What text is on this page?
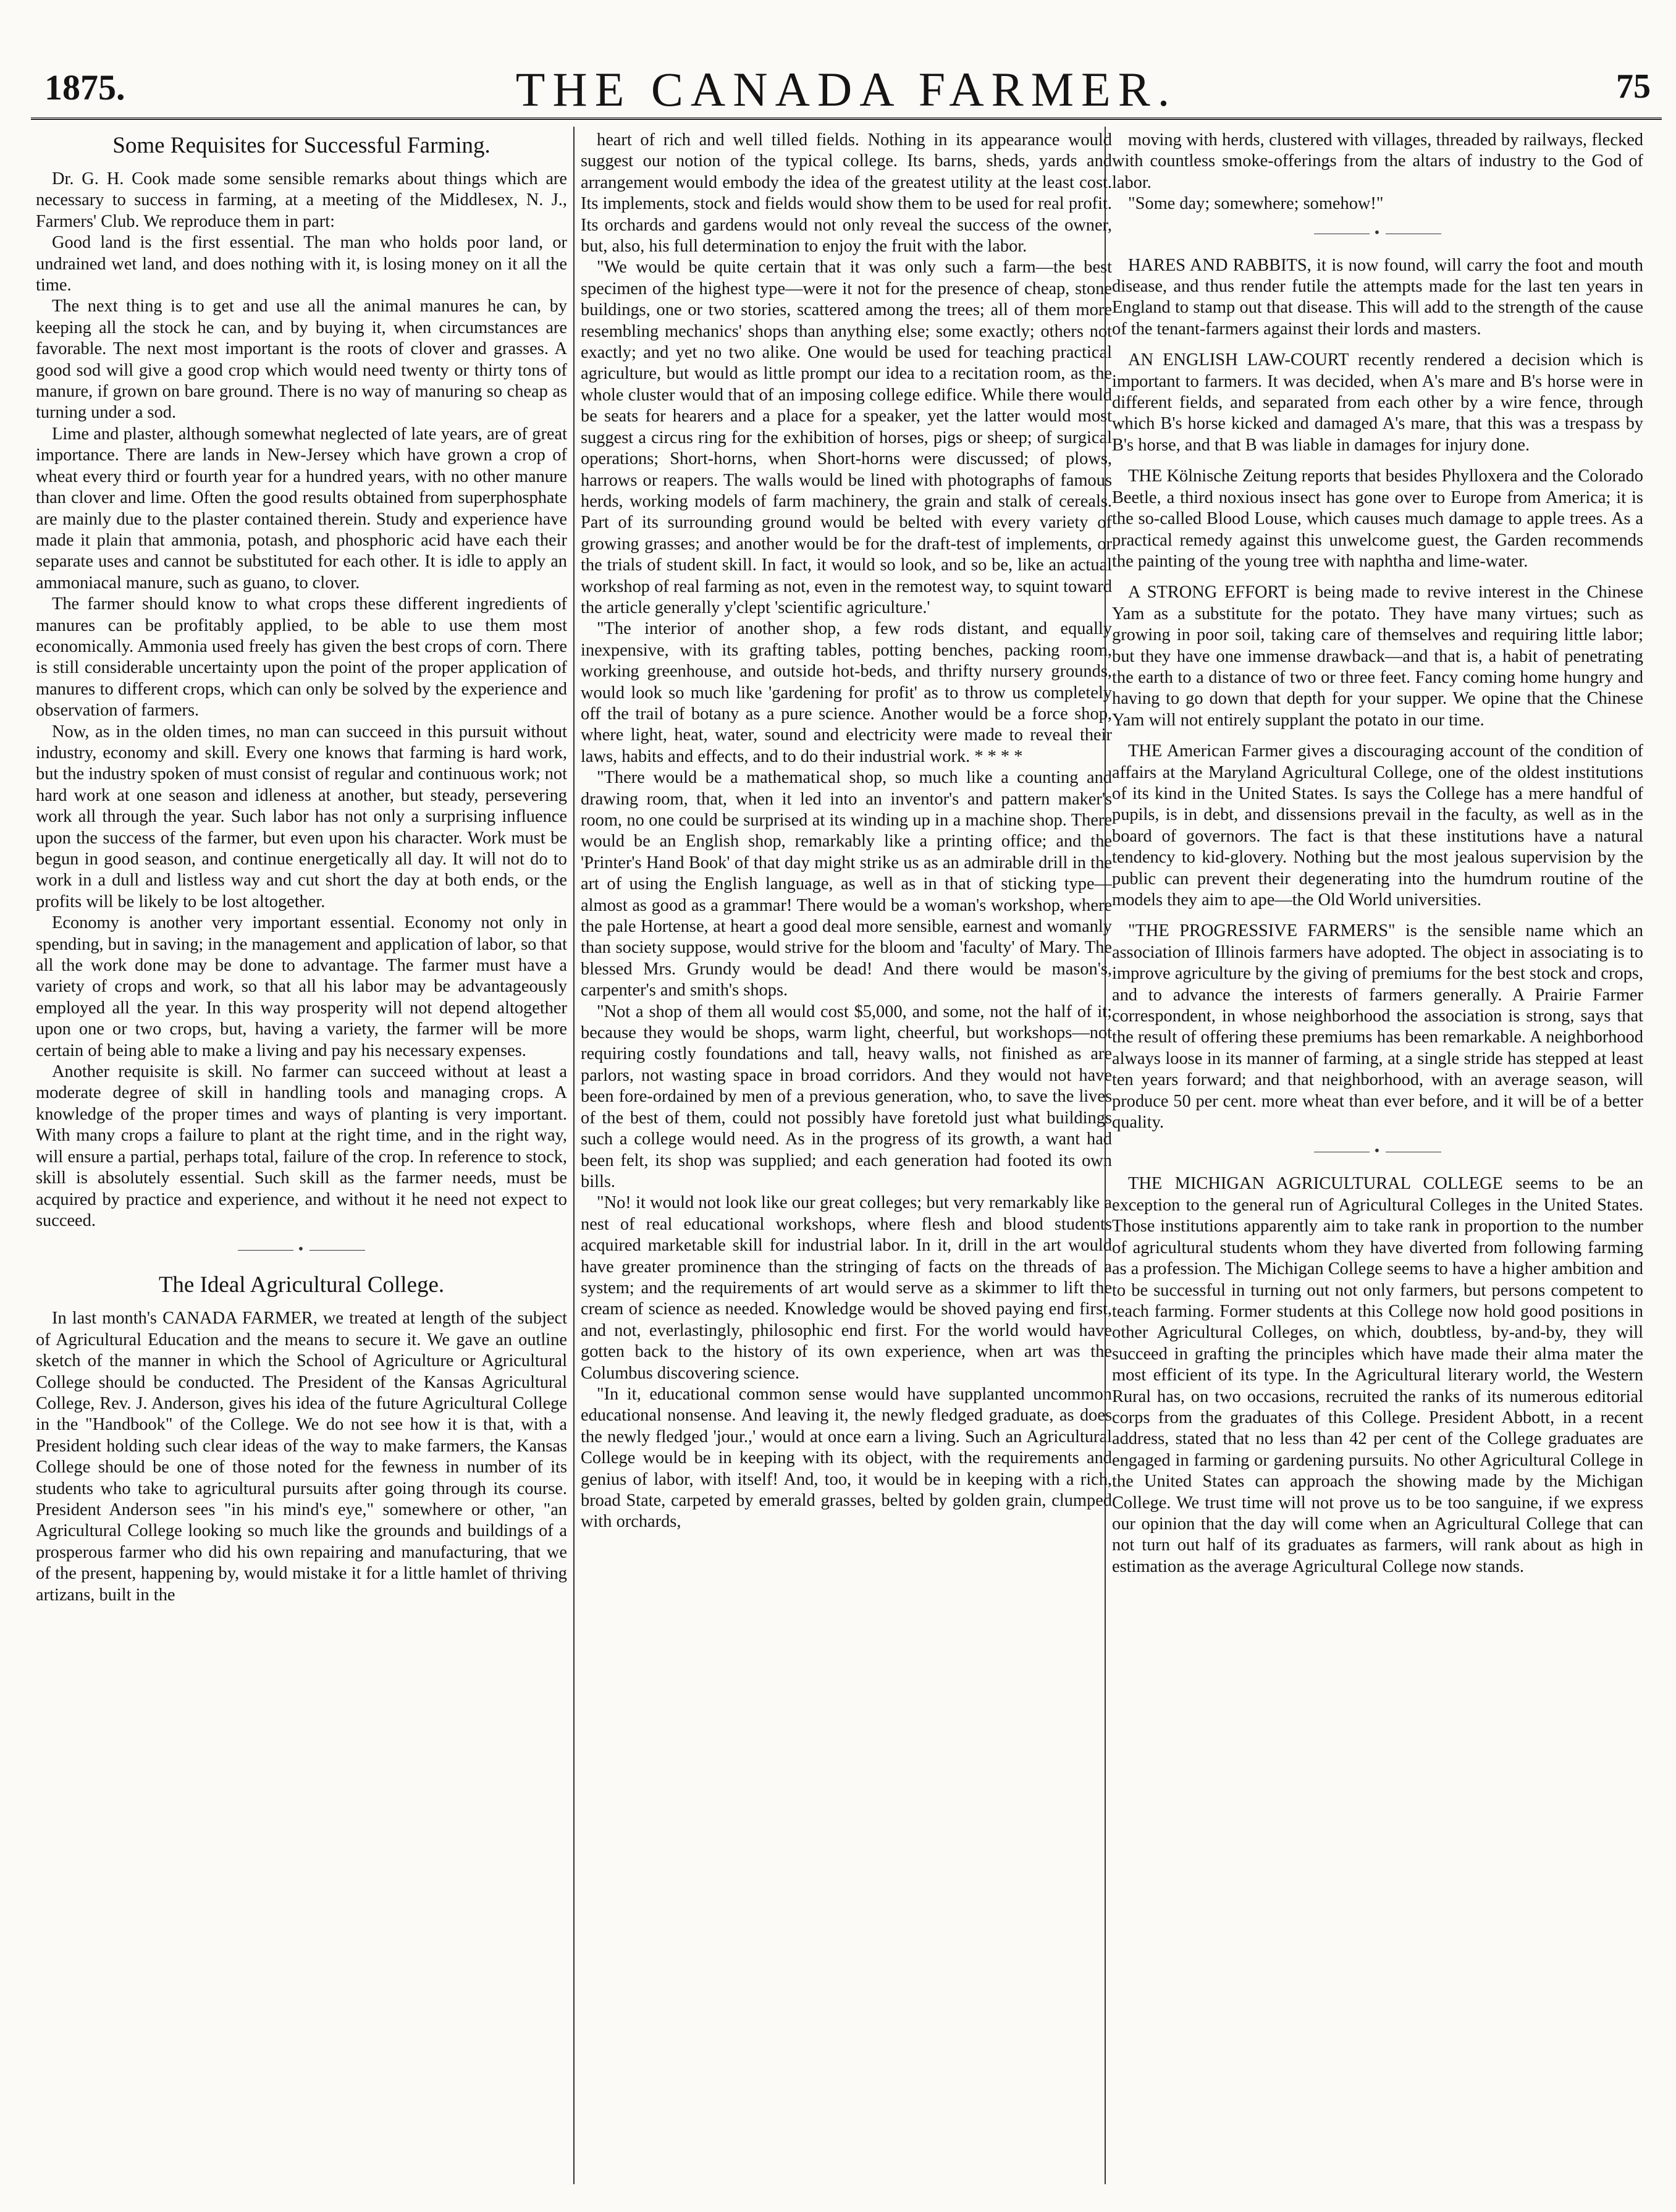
1875.	THE CANADA FARMER.	75
Some Requisites for Successful Farming.

Dr. G. H. Cook made some sensible remarks about things which are necessary to success in farming, at a meeting of the Middlesex, N. J., Farmers' Club. We reproduce them in part:

Good land is the first essential. The man who holds poor land, or undrained wet land, and does nothing with it, is losing money on it all the time.

The next thing is to get and use all the animal manures he can, by keeping all the stock he can, and by buying it, when circumstances are favorable. The next most important is the roots of clover and grasses. A good sod will give a good crop which would need twenty or thirty tons of manure, if grown on bare ground. There is no way of manuring so cheap as turning under a sod.

Lime and plaster, although somewhat neglected of late years, are of great importance. There are lands in New-Jersey which have grown a crop of wheat every third or fourth year for a hundred years, with no other manure than clover and lime. Often the good results obtained from superphosphate are mainly due to the plaster contained therein. Study and experience have made it plain that ammonia, potash, and phosphoric acid have each their separate uses and cannot be substituted for each other. It is idle to apply an ammoniacal manure, such as guano, to clover.

The farmer should know to what crops these different ingredients of manures can be profitably applied, to be able to use them most economically. Ammonia used freely has given the best crops of corn. There is still considerable uncertainty upon the point of the proper application of manures to different crops, which can only be solved by the experience and observation of farmers.

Now, as in the olden times, no man can succeed in this pursuit without industry, economy and skill. Every one knows that farming is hard work, but the industry spoken of must consist of regular and continuous work; not hard work at one season and idleness at another, but steady, persevering work all through the year. Such labor has not only a surprising influence upon the success of the farmer, but even upon his character. Work must be begun in good season, and continue energetically all day. It will not do to work in a dull and listless way and cut short the day at both ends, or the profits will be likely to be lost altogether.

Economy is another very important essential. Economy not only in spending, but in saving; in the management and application of labor, so that all the work done may be done to advantage. The farmer must have a variety of crops and work, so that all his labor may be advantageously employed all the year. In this way prosperity will not depend altogether upon one or two crops, but, having a variety, the farmer will be more certain of being able to make a living and pay his necessary expenses.

Another requisite is skill. No farmer can succeed without at least a moderate degree of skill in handling tools and managing crops. A knowledge of the proper times and ways of planting is very important. With many crops a failure to plant at the right time, and in the right way, will ensure a partial, perhaps total, failure of the crop. In reference to stock, skill is absolutely essential. Such skill as the farmer needs, must be acquired by practice and experience, and without it he need not expect to succeed.

•
The Ideal Agricultural College.

In last month's CANADA FARMER, we treated at length of the subject of Agricultural Education and the means to secure it. We gave an outline sketch of the manner in which the School of Agriculture or Agricultural College should be conducted. The President of the Kansas Agricultural College, Rev. J. Anderson, gives his idea of the future Agricultural College in the "Handbook" of the College. We do not see how it is that, with a President holding such clear ideas of the way to make farmers, the Kansas College should be one of those noted for the fewness in number of its students who take to agricultural pursuits after going through its course. President Anderson sees "in his mind's eye," somewhere or other, "an Agricultural College looking so much like the grounds and buildings of a prosperous farmer who did his own repairing and manufacturing, that we of the present, happening by, would mistake it for a little hamlet of thriving artizans, built in the

heart of rich and well tilled fields. Nothing in its appearance would suggest our notion of the typical college. Its barns, sheds, yards and arrangement would embody the idea of the greatest utility at the least cost. Its implements, stock and fields would show them to be used for real profit. Its orchards and gardens would not only reveal the success of the owner, but, also, his full determination to enjoy the fruit with the labor.

"We would be quite certain that it was only such a farm—the best specimen of the highest type—were it not for the presence of cheap, stone buildings, one or two stories, scattered among the trees; all of them more resembling mechanics' shops than anything else; some exactly; others not exactly; and yet no two alike. One would be used for teaching practical agriculture, but would as little prompt our idea to a recitation room, as the whole cluster would that of an imposing college edifice. While there would be seats for hearers and a place for a speaker, yet the latter would most suggest a circus ring for the exhibition of horses, pigs or sheep; of surgical operations; Short-horns, when Short-horns were discussed; of plows, harrows or reapers. The walls would be lined with photographs of famous herds, working models of farm machinery, the grain and stalk of cereals. Part of its surrounding ground would be belted with every variety of growing grasses; and another would be for the draft-test of implements, or the trials of student skill. In fact, it would so look, and so be, like an actual workshop of real farming as not, even in the remotest way, to squint toward the article generally y'clept 'scientific agriculture.'

"The interior of another shop, a few rods distant, and equally inexpensive, with its grafting tables, potting benches, packing room, working greenhouse, and outside hot-beds, and thrifty nursery grounds, would look so much like 'gardening for profit' as to throw us completely off the trail of botany as a pure science. Another would be a force shop, where light, heat, water, sound and electricity were made to reveal their laws, habits and effects, and to do their industrial work. * * * *

"There would be a mathematical shop, so much like a counting and drawing room, that, when it led into an inventor's and pattern maker's room, no one could be surprised at its winding up in a machine shop. There would be an English shop, remarkably like a printing office; and the 'Printer's Hand Book' of that day might strike us as an admirable drill in the art of using the English language, as well as in that of sticking type—almost as good as a grammar! There would be a woman's workshop, where the pale Hortense, at heart a good deal more sensible, earnest and womanly than society suppose, would strive for the bloom and 'faculty' of Mary. The blessed Mrs. Grundy would be dead! And there would be mason's, carpenter's and smith's shops.

"Not a shop of them all would cost $5,000, and some, not the half of it; because they would be shops, warm light, cheerful, but workshops—not requiring costly foundations and tall, heavy walls, not finished as are parlors, not wasting space in broad corridors. And they would not have been fore-ordained by men of a previous generation, who, to save the lives of the best of them, could not possibly have foretold just what buildings such a college would need. As in the progress of its growth, a want had been felt, its shop was supplied; and each generation had footed its own bills.

"No! it would not look like our great colleges; but very remarkably like a nest of real educational workshops, where flesh and blood students acquired marketable skill for industrial labor. In it, drill in the art would have greater prominence than the stringing of facts on the threads of a system; and the requirements of art would serve as a skimmer to lift the cream of science as needed. Knowledge would be shoved paying end first, and not, everlastingly, philosophic end first. For the world would have gotten back to the history of its own experience, when art was the Columbus discovering science.

"In it, educational common sense would have supplanted uncommon educational nonsense. And leaving it, the newly fledged graduate, as does the newly fledged 'jour.,' would at once earn a living. Such an Agricultural College would be in keeping with its object, with the requirements and genius of labor, with itself! And, too, it would be in keeping with a rich, broad State, carpeted by emerald grasses, belted by golden grain, clumped with orchards,

moving with herds, clustered with villages, threaded by railways, flecked with countless smoke-offerings from the altars of industry to the God of labor.

"Some day; somewhere; somehow!"

•

HARES AND RABBITS, it is now found, will carry the foot and mouth disease, and thus render futile the attempts made for the last ten years in England to stamp out that disease. This will add to the strength of the cause of the tenant-farmers against their lords and masters.

AN ENGLISH LAW-COURT recently rendered a decision which is important to farmers. It was decided, when A's mare and B's horse were in different fields, and separated from each other by a wire fence, through which B's horse kicked and damaged A's mare, that this was a trespass by B's horse, and that B was liable in damages for injury done.

THE Kölnische Zeitung reports that besides Phylloxera and the Colorado Beetle, a third noxious insect has gone over to Europe from America; it is the so-called Blood Louse, which causes much damage to apple trees. As a practical remedy against this unwelcome guest, the Garden recommends the painting of the young tree with naphtha and lime-water.

A STRONG EFFORT is being made to revive interest in the Chinese Yam as a substitute for the potato. They have many virtues; such as growing in poor soil, taking care of themselves and requiring little labor; but they have one immense drawback—and that is, a habit of penetrating the earth to a distance of two or three feet. Fancy coming home hungry and having to go down that depth for your supper. We opine that the Chinese Yam will not entirely supplant the potato in our time.

THE American Farmer gives a discouraging account of the condition of affairs at the Maryland Agricultural College, one of the oldest institutions of its kind in the United States. Is says the College has a mere handful of pupils, is in debt, and dissensions prevail in the faculty, as well as in the board of governors. The fact is that these institutions have a natural tendency to kid-glovery. Nothing but the most jealous supervision by the public can prevent their degenerating into the humdrum routine of the models they aim to ape—the Old World universities.

"THE PROGRESSIVE FARMERS" is the sensible name which an association of Illinois farmers have adopted. The object in associating is to improve agriculture by the giving of premiums for the best stock and crops, and to advance the interests of farmers generally. A Prairie Farmer correspondent, in whose neighborhood the association is strong, says that the result of offering these premiums has been remarkable. A neighborhood always loose in its manner of farming, at a single stride has stepped at least ten years forward; and that neighborhood, with an average season, will produce 50 per cent. more wheat than ever before, and it will be of a better quality.

•

THE MICHIGAN AGRICULTURAL COLLEGE seems to be an exception to the general run of Agricultural Colleges in the United States. Those institutions apparently aim to take rank in proportion to the number of agricultural students whom they have diverted from following farming as a profession. The Michigan College seems to have a higher ambition and to be successful in turning out not only farmers, but persons competent to teach farming. Former students at this College now hold good positions in other Agricultural Colleges, on which, doubtless, by-and-by, they will succeed in grafting the principles which have made their alma mater the most efficient of its type. In the Agricultural literary world, the Western Rural has, on two occasions, recruited the ranks of its numerous editorial corps from the graduates of this College. President Abbott, in a recent address, stated that no less than 42 per cent of the College graduates are engaged in farming or gardening pursuits. No other Agricultural College in the United States can approach the showing made by the Michigan College. We trust time will not prove us to be too sanguine, if we express our opinion that the day will come when an Agricultural College that can not turn out half of its graduates as farmers, will rank about as high in estimation as the average Agricultural College now stands.
